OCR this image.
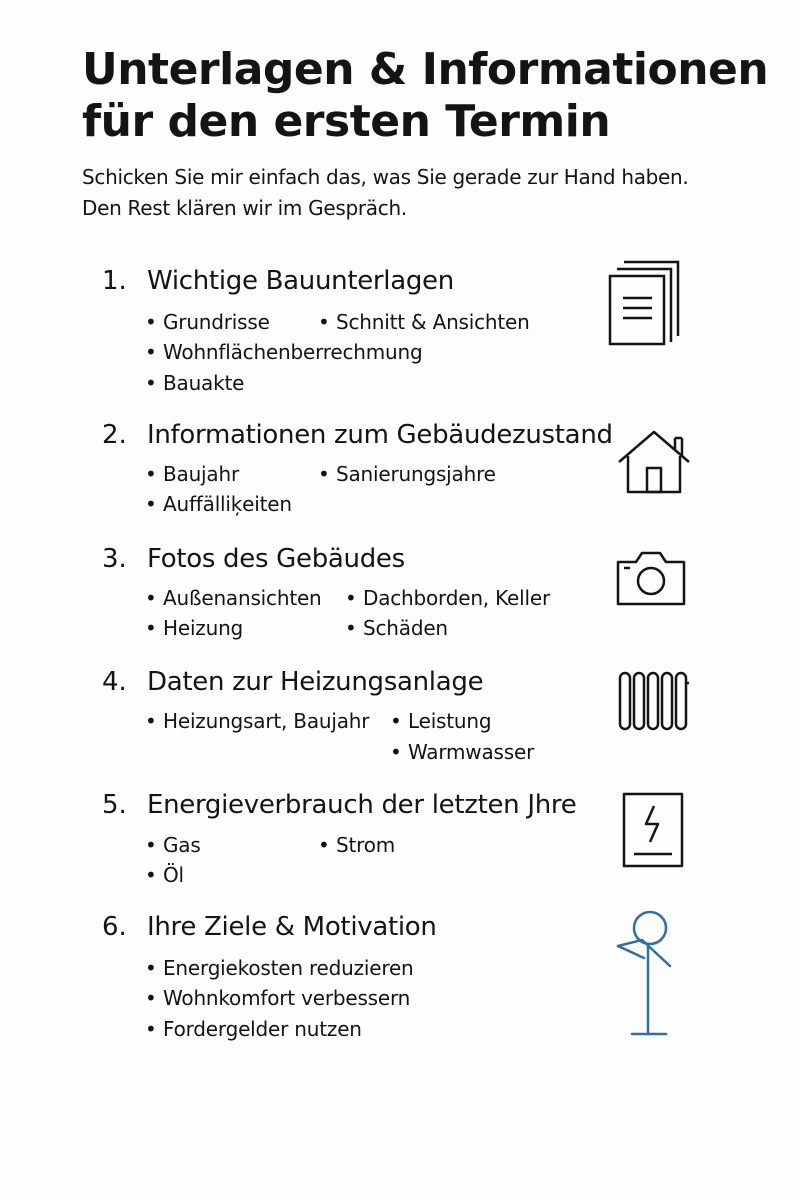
Unterlagen & Informationen
für den ersten Termin
Schicken Sie mir einfach das, was Sie gerade zur Hand haben.
Den Rest klären wir im Gespräch.
1. Wichtige Bauunterlagen
• Grundrisse	• Schnitt & Ansichten
• Wohnflächenberrechmung
• Bauakte
2. Informationen zum Gebäudezustand
• Baujahr	• Sanierungsjahre
• Auffälliķeiten
3. Fotos des Gebäudes
• Außenansichten • Dachborden, Keller
• Heizung	• Schäden
4. Daten zur Heizungsanlage
• Heizungsart, Baujahr • Leistung
• Warmwasser
5. Energieverbrauch der letzten Jhre
• Gas	• Strom
• Öl
6. Ihre Ziele & Motivation
• Energiekosten reduzieren
• Wohnkomfort verbessern
• Fordergelder nutzen
